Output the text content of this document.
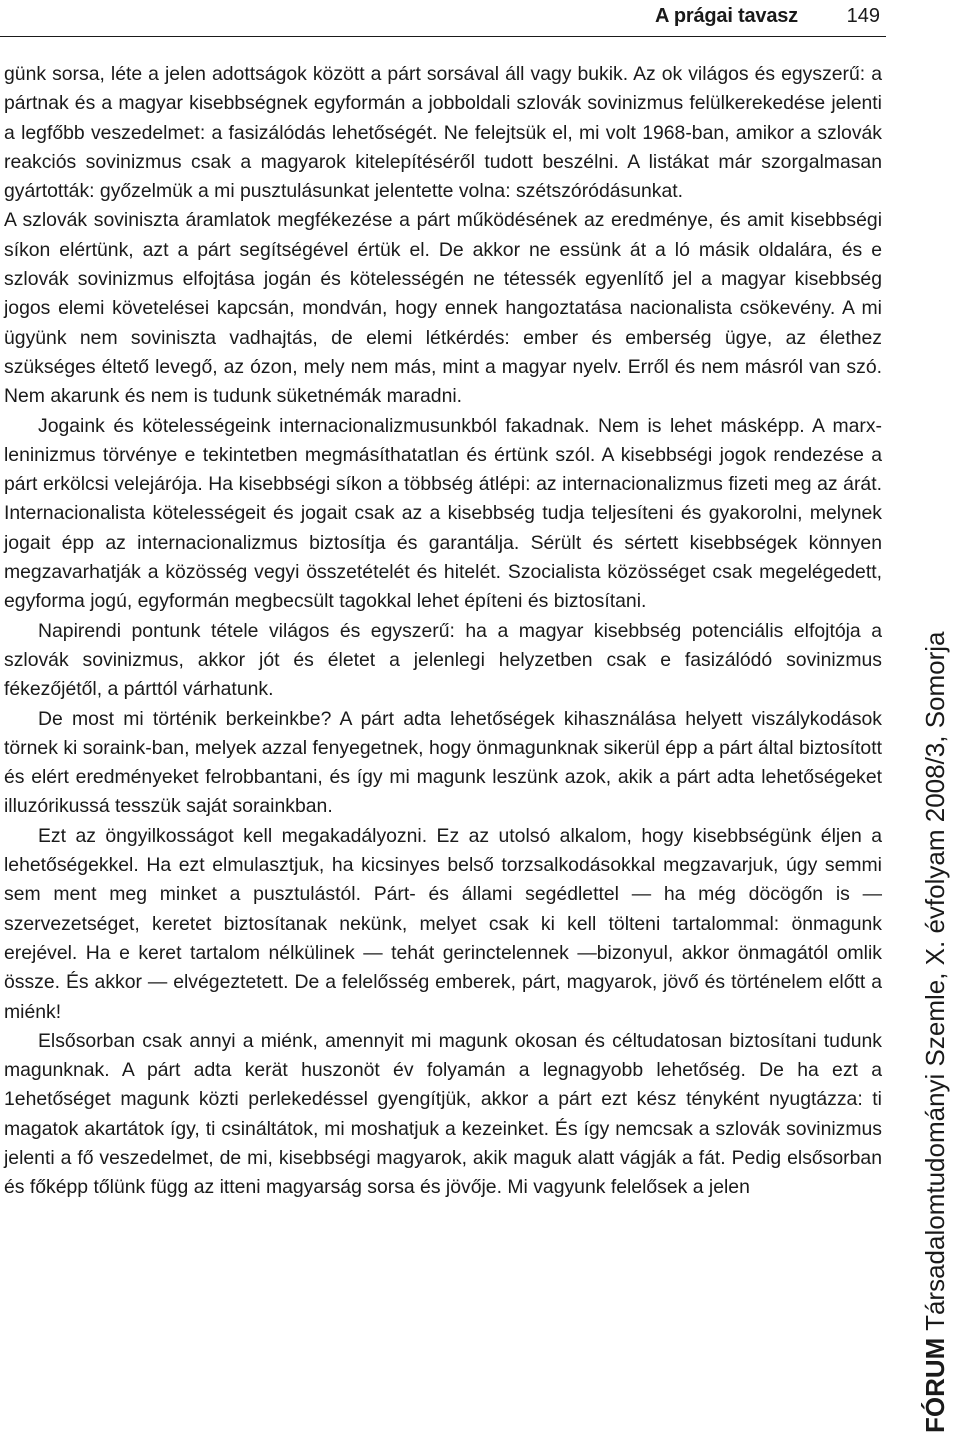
A prágai tavasz 149

günk sorsa, léte a jelen adottságok között a párt sorsával áll vagy bukik. Az ok világos és egyszerű: a pártnak és a magyar kisebbségnek egyformán a jobboldali szlovák sovinizmus felülkerekedése jelenti a legfőbb veszedelmet: a fasizálódás lehetőségét. Ne felejtsük el, mi volt 1968-ban, amikor a szlovák reakciós sovinizmus csak a magyarok kitelepítéséről tudott beszélni. A listákat már szorgalmasan gyártották: győzelmük a mi pusztulásunkat jelentette volna: szétszóródásunkat.

A szlovák soviniszta áramlatok megfékezése a párt működésének az eredménye, és amit kisebbségi síkon elértünk, azt a párt segítségével értük el. De akkor ne essünk át a ló másik oldalára, és e szlovák sovinizmus elfojtása jogán és kötelességén ne tétessék egyenlítő jel a magyar kisebbség jogos elemi követelései kapcsán, mondván, hogy ennek hangoztatása nacionalista csökevény. A mi ügyünk nem soviniszta vadhajtás, de elemi létkérdés: ember és emberség ügye, az élethez szükséges éltető levegő, az ózon, mely nem más, mint a magyar nyelv. Erről és nem másról van szó. Nem akarunk és nem is tudunk süketnémák maradni.

Jogaink és kötelességeink internacionalizmusunkból fakadnak. Nem is lehet másképp. A marx-leninizmus törvénye e tekintetben megmásíthatatlan és értünk szól. A kisebbségi jogok rendezése a párt erkölcsi velejárója. Ha kisebbségi síkon a többség átlépi: az internacionalizmus fizeti meg az árát. Internacionalista kötelességeit és jogait csak az a kisebbség tudja teljesíteni és gyakorolni, melynek jogait épp az internacionalizmus biztosítja és garantálja. Sérült és sértett kisebbségek könnyen megzavarhatják a közösség vegyi összetételét és hitelét. Szocialista közösséget csak megelégedett, egyforma jogú, egyformán megbecsült tagokkal lehet építeni és biztosítani.

Napirendi pontunk tétele világos és egyszerű: ha a magyar kisebbség potenciális elfojtója a szlovák sovinizmus, akkor jót és életet a jelenlegi helyzetben csak e fasizálódó sovinizmus fékezőjétől, a párttól várhatunk.

De most mi történik berkeinkbe? A párt adta lehetőségek kihasználása helyett viszálykodások törnek ki soraink-ban, melyek azzal fenyegetnek, hogy önmagunknak sikerül épp a párt által biztosított és elért eredményeket felrobbantani, és így mi magunk leszünk azok, akik a párt adta lehetőségeket illuzórikussá tesszük saját sorainkban.

Ezt az öngyilkosságot kell megakadályozni. Ez az utolsó alkalom, hogy kisebbségünk éljen a lehetőségekkel. Ha ezt elmulasztjuk, ha kicsinyes belső torzsalkodásokkal megzavarjuk, úgy semmi sem ment meg minket a pusztulástól. Párt- és állami segédlettel — ha még döcögőn is — szervezetséget, keretet biztosítanak nekünk, melyet csak ki kell tölteni tartalommal: önmagunk erejével. Ha e keret tartalom nélkülinek — tehát gerinctelennek —bizonyul, akkor önmagától omlik össze. És akkor — elvégeztetett. De a felelősség emberek, párt, magyarok, jövő és történelem előtt a miénk!

Elsősorban csak annyi a miénk, amennyit mi magunk okosan és céltudatosan biztosítani tudunk magunknak. A párt adta kerät huszonöt év folyamán a legnagyobb lehetőség. De ha ezt a 1ehetőséget magunk közti perlekedéssel gyengítjük, akkor a párt ezt kész tényként nyugtázza: ti magatok akartátok így, ti csináltátok, mi moshatjuk a kezeinket. És így nemcsak a szlovák sovinizmus jelenti a fő veszedelmet, de mi, kisebbségi magyarok, akik maguk alatt vágják a fát. Pedig elsősorban és főképp tőlünk függ az itteni magyarság sorsa és jövője. Mi vagyunk felelősek a jelen

FÓRUM Társadalomtudományi Szemle, X. évfolyam 2008/3, Somorja
